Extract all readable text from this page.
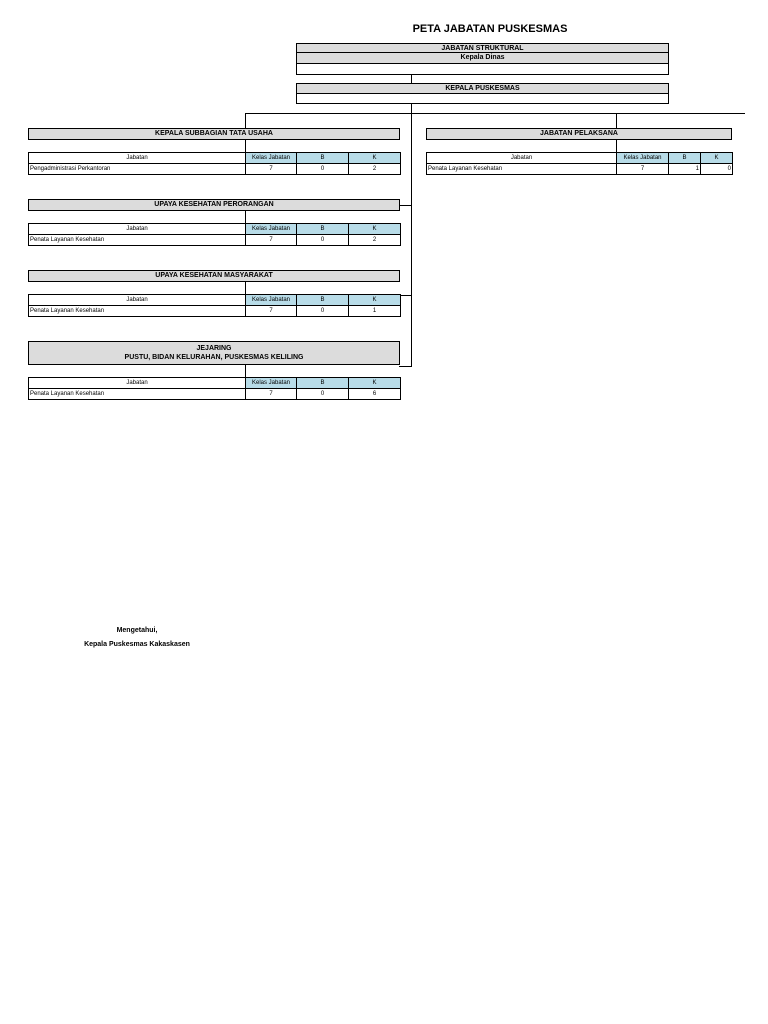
PETA JABATAN PUSKESMAS
JABATAN STRUKTURAL
Kepala Dinas
KEPALA PUSKESMAS
KEPALA SUBBAGIAN TATA USAHA
Jabatan	Kelas Jabatan	B	K
Pengadministrasi Perkantoran	7	0	2
UPAYA KESEHATAN PERORANGAN
Jabatan	Kelas Jabatan	B	K
Penata Layanan Kesehatan	7	0	2
UPAYA KESEHATAN MASYARAKAT
Jabatan	Kelas Jabatan	B	K
Penata Layanan Kesehatan	7	0	1
JEJARING
PUSTU, BIDAN KELURAHAN, PUSKESMAS KELILING
Jabatan	Kelas Jabatan	B	K
Penata Layanan Kesehatan	7	0	6
JABATAN PELAKSANA
Jabatan	Kelas Jabatan	B	K
Penata Layanan Kesehatan	7	1	0
Mengetahui,
Kepala Puskesmas Kakaskasen
